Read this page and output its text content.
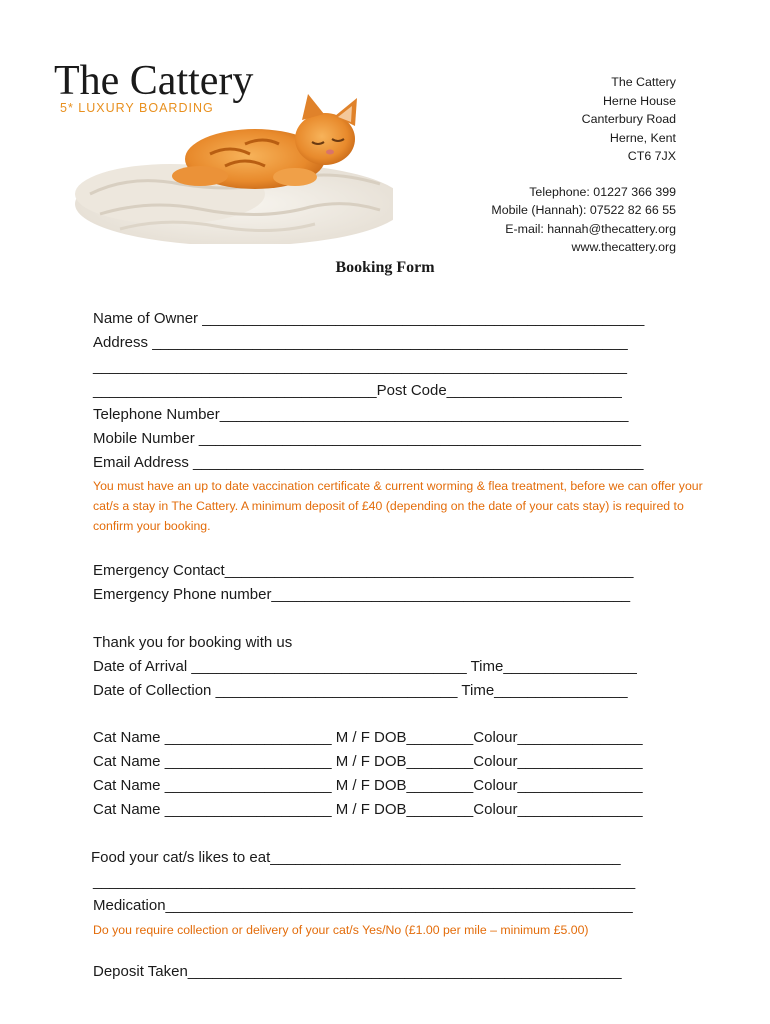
The Cattery
5* LUXURY BOARDING
The Cattery
Herne House
Canterbury Road
Herne, Kent
CT6 7JX
Telephone: 01227 366 399
Mobile (Hannah): 07522 82 66 55
E-mail: hannah@thecattery.org
www.thecattery.org
Booking Form
Name of Owner _____________________________________________________
Address _________________________________________________________
________________________________________________________________
__________________________________Post Code_____________________
Telephone Number_________________________________________________
Mobile Number _____________________________________________________
Email Address ______________________________________________________
You must have an up to date vaccination certificate & current worming & flea treatment, before we can offer your cat/s a stay in The Cattery. A minimum deposit of £40 (depending on the date of your cats stay) is required to confirm your booking.
Emergency Contact_________________________________________________
Emergency Phone number___________________________________________
Thank you for booking with us
Date of Arrival _________________________________ Time________________
Date of Collection _____________________________ Time________________
Cat Name ____________________ M / F DOB________Colour_______________
Cat Name ____________________ M / F DOB________Colour_______________
Cat Name ____________________ M / F DOB________Colour_______________
Cat Name ____________________ M / F DOB________Colour_______________
Food your cat/s likes to eat__________________________________________
_________________________________________________________________
Medication________________________________________________________
Do you require collection or delivery of your cat/s Yes/No (£1.00 per mile – minimum £5.00)
Deposit Taken____________________________________________________
